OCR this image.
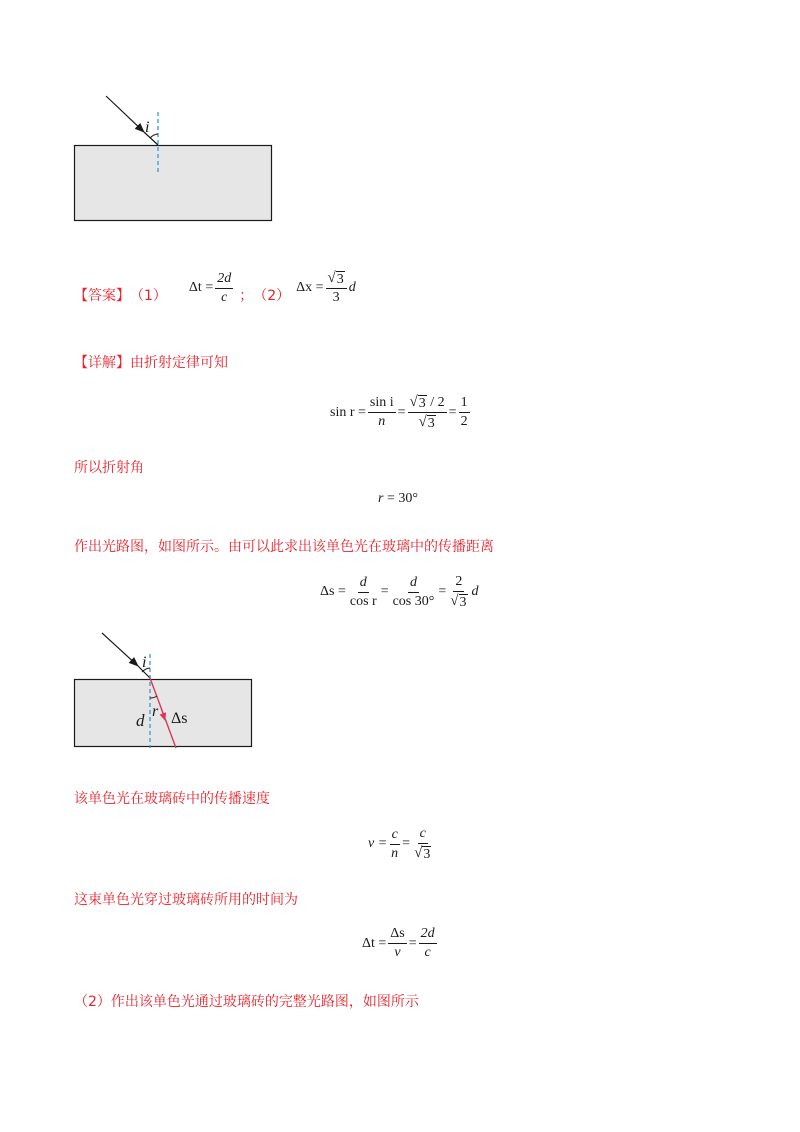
i
【答案】 （1）
$\Delta t = \frac{2d}{c}$ ； （2）
$\Delta x = \frac{√ 3}{3}$ d
【详解】由折射定律可知
$\sin r = \frac{\text{sin i}}{n} = \frac{√ 3 / 2}{√ 3} = \frac{1}{2}$
所以折射角
r = 30°
作出光路图，如图所示。由可以此求出该单色光在玻璃中的传播距离
$\Delta s = \frac{d}{\text{cos r}} = \frac{d}{\cos 30^\circ} = \frac{2}{√ 3}$ d
i
r
d Δs
该单色光在玻璃砖中的传播速度
$v = \frac{c}{n} = \frac{c}{√ 3}$
这束单色光穿过玻璃砖所用的时间为
$\Delta t = \frac{\Delta s}{v} = \frac{2d}{c}$
（2）作出该单色光通过玻璃砖的完整光路图，如图所示
